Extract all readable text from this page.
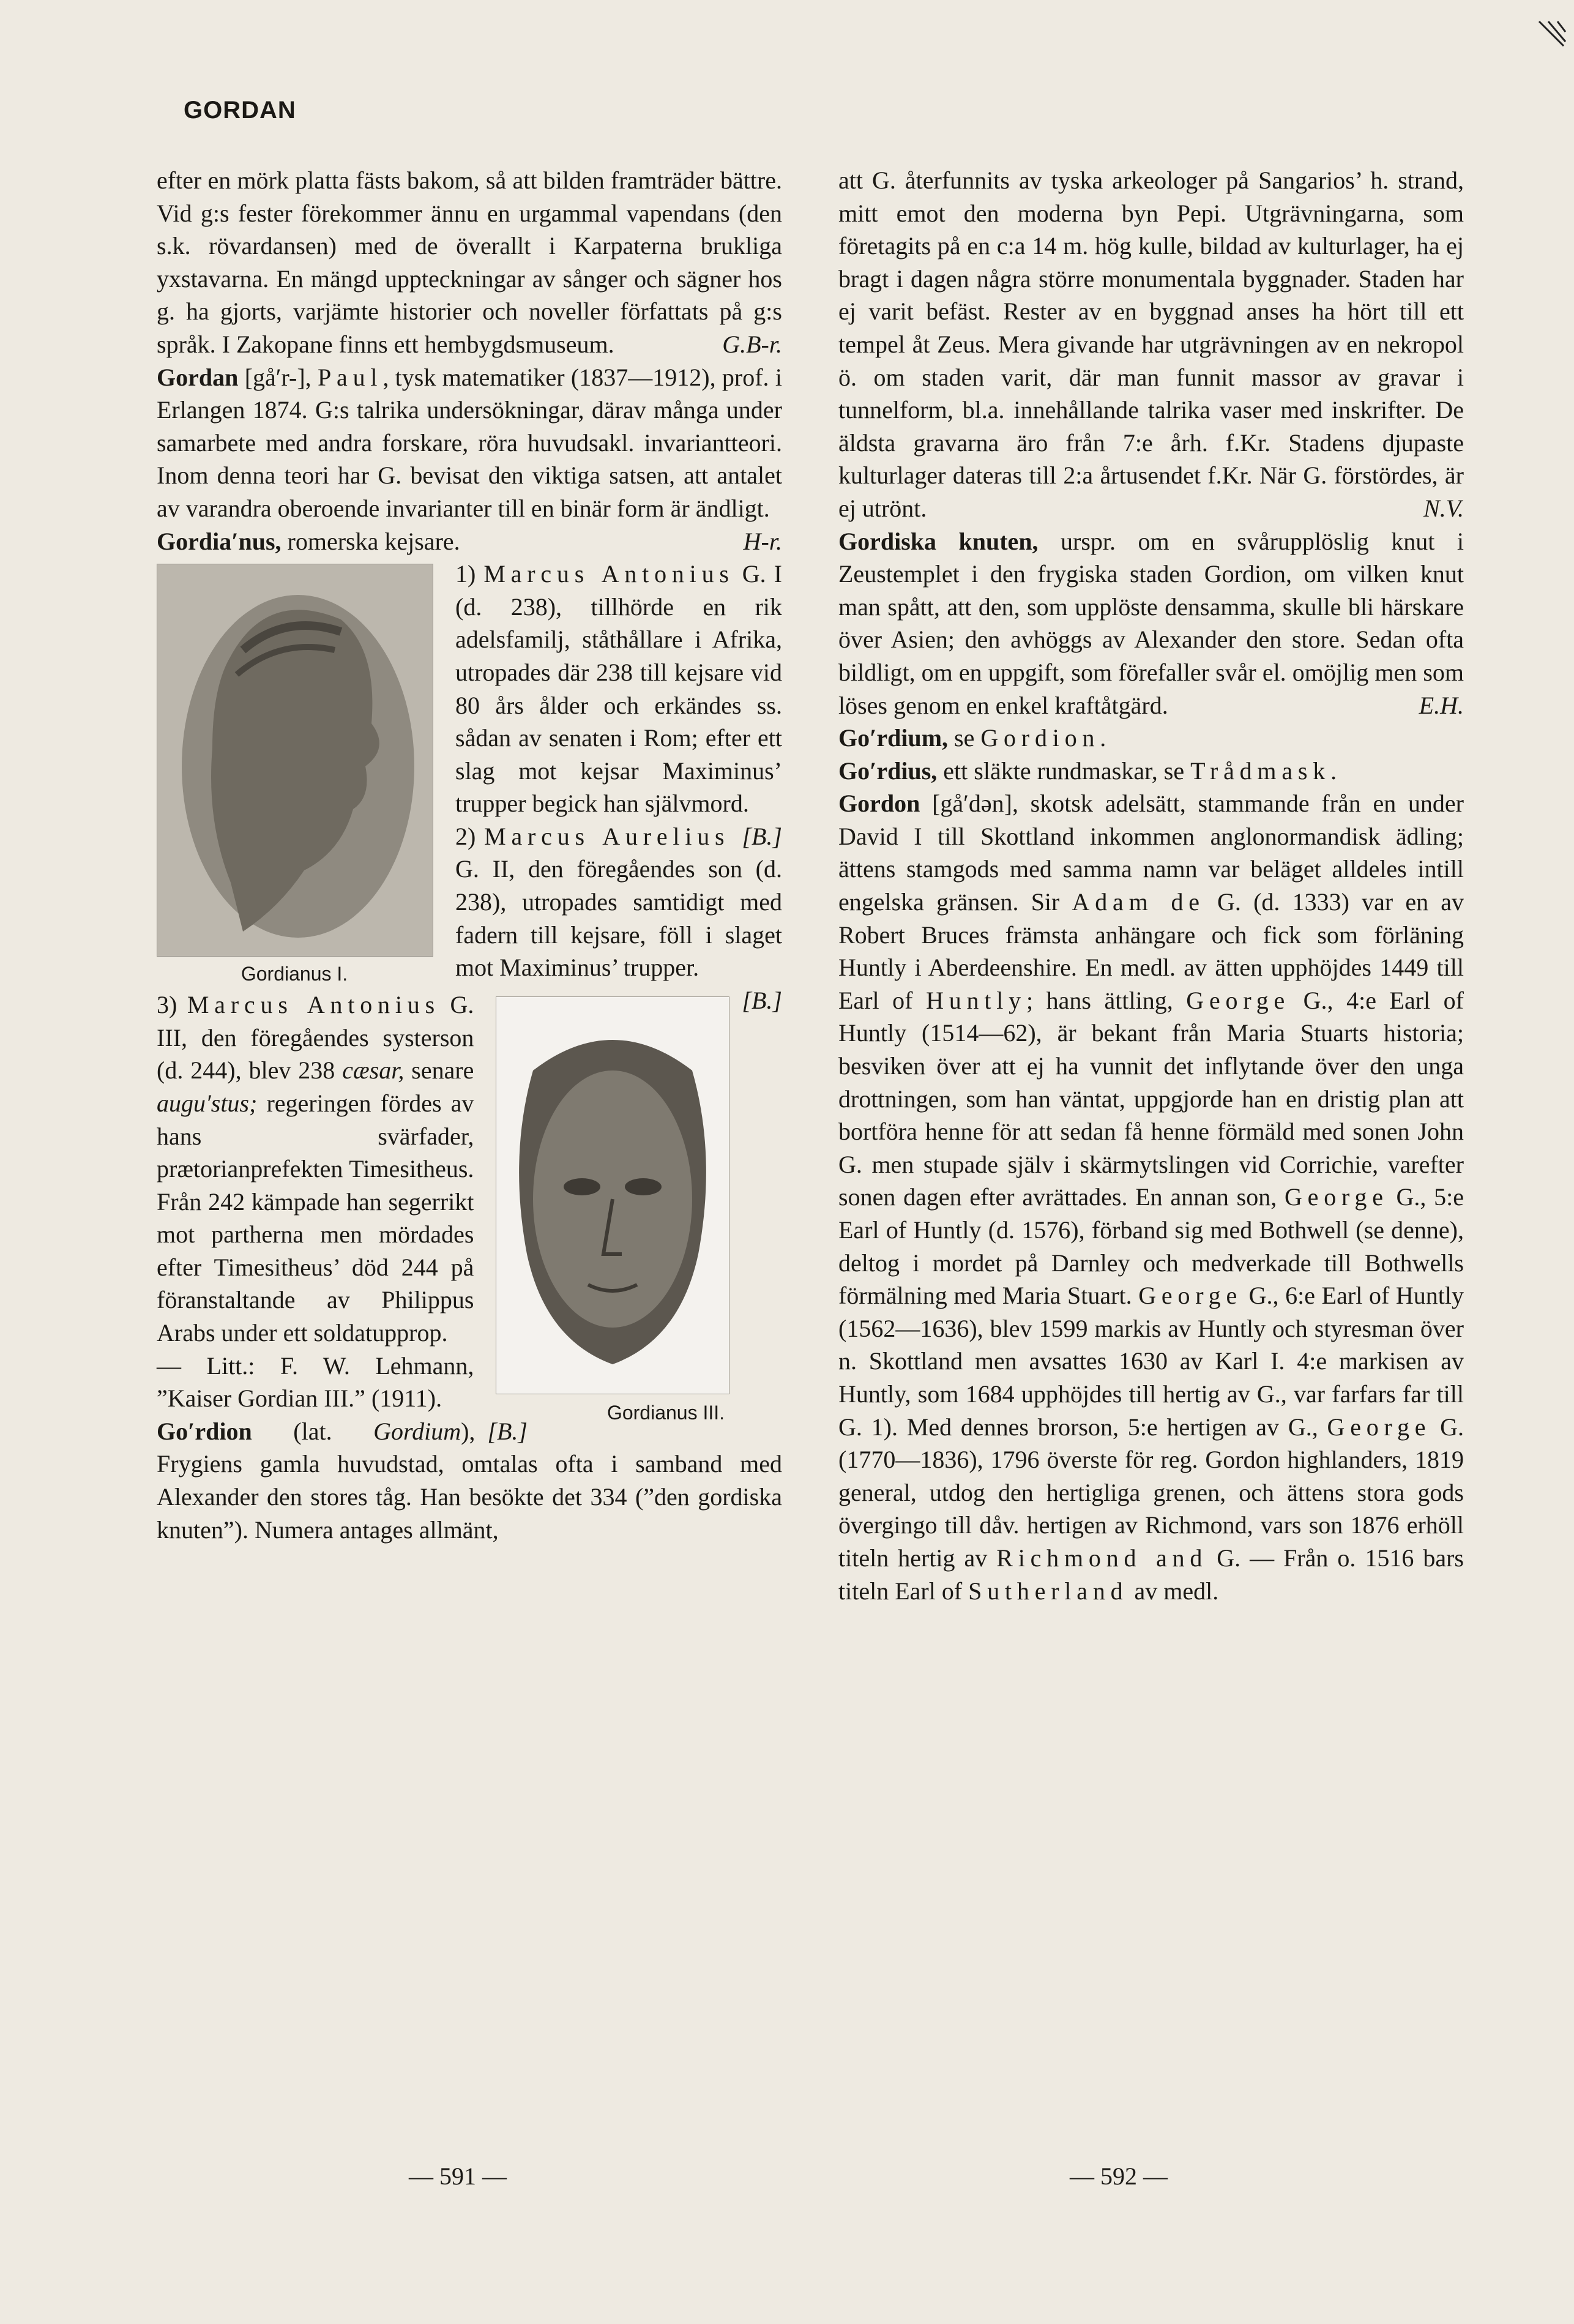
GORDAN

efter en mörk platta fästs bakom, så att bilden framträder bättre. Vid g:s fester förekommer ännu en urgammal vapendans (den s.k. rövardansen) med de överallt i Karpaterna brukliga yxstavarna. En mängd uppteckningar av sånger och sägner hos g. ha gjorts, varjämte historier och noveller författats på g:s språk. I Zakopane finns ett hembygdsmuseum.	G.B-r.

Gordan [gå′r-], Paul, tysk matematiker (1837—1912), prof. i Erlangen 1874. G:s talrika undersökningar, därav många under samarbete med andra forskare, röra huvudsakl. invariantteori. Inom denna teori har G. bevisat den viktiga satsen, att antalet av varandra oberoende invarianter till en binär form är ändligt.
H-r.

Gordia′nus, romerska kejsare.

1) Marcus Antonius G. I (d. 238), tillhörde en rik adelsfamilj, ståthållare i Afrika, utropades där 238 till kejsare vid 80 års ålder och erkändes ss. sådan av senaten i Rom; efter ett slag mot kejsar Maximinus’ trupper begick han självmord.
[B.]

Gordianus I.

2) Marcus Aurelius G. II, den föregåendes son (d. 238), utropades samtidigt med fadern till kejsare, föll i slaget mot Maximinus’ trupper.
[B.]

Gordianus III.

3) Marcus Antonius G. III, den föregåendes systerson (d. 244), blev 238 cæsar, senare augu′stus; regeringen fördes av hans svärfader, prætorianprefekten Timesitheus. Från 242 kämpade han segerrikt mot partherna men mördades efter Timesitheus’ död 244 på föranstaltande av Philippus Arabs under ett soldatupprор.

— Litt.: F. W. Lehmann, ”Kaiser Gordian III.” (1911).
[B.]

Go′rdion (lat. Gordium), Frygiens gamla huvudstad, omtalas ofta i samband med Alexander den stores tåg. Han besökte det 334 (”den gordiska knuten”). Numera antages allmänt,

att G. återfunnits av tyska arkeologer på Sangarios’ h. strand, mitt emot den moderna byn Pepi. Utgrävningarna, som företagits på en c:a 14 m. hög kulle, bildad av kulturlager, ha ej bragt i dagen några större monumentala byggnader. Staden har ej varit befäst. Rester av en byggnad anses ha hört till ett tempel åt Zeus. Mera givande har utgrävningen av en nekropol ö. om staden varit, där man funnit massor av gravar i tunnelform, bl.a. innehållande talrika vaser med inskrifter. De äldsta gravarna äro från 7:e årh. f.Kr. Stadens djupaste kulturlager dateras till 2:a årtusendet f.Kr. När G. förstördes, är ej utrönt.	N.V.

Gordiska knuten, urspr. om en svårupplöslig knut i Zeustemplet i den frygiska staden Gordion, om vilken knut man spått, att den, som upplöste densamma, skulle bli härskare över Asien; den avhöggs av Alexander den store. Sedan ofta bildligt, om en uppgift, som förefaller svår el. omöjlig men som löses genom en enkel kraftåtgärd.	E.H.

Go′rdium, se Gordion.

Go′rdius, ett släkte rundmaskar, se Trådmask.

Gordon [gå′dən], skotsk adelsätt, stammande från en under David I till Skottland inkommen anglonormandisk ädling; ättens stamgods med samma namn var beläget alldeles intill engelska gränsen. Sir Adam de G. (d. 1333) var en av Robert Bruces främsta anhängare och fick som förläning Huntly i Aberdeenshire. En medl. av ätten upphöjdes 1449 till Earl of Huntly; hans ättling, George G., 4:e Earl of Huntly (1514—62), är bekant från Maria Stuarts historia; besviken över att ej ha vunnit det inflytande över den unga drottningen, som han väntat, uppgjorde han en dristig plan att bortföra henne för att sedan få henne förmäld med sonen John G. men stupade själv i skärmytslingen vid Corrichie, varefter sonen dagen efter avrättades. En annan son, George G., 5:e Earl of Huntly (d. 1576), förband sig med Bothwell (se denne), deltog i mordet på Darnley och medverkade till Bothwells förmälning med Maria Stuart. George G., 6:e Earl of Huntly (1562—1636), blev 1599 markis av Huntly och styresman över n. Skottland men avsattes 1630 av Karl I. 4:e markisen av Huntly, som 1684 upphöjdes till hertig av G., var farfars far till G. 1). Med dennes brorson, 5:e hertigen av G., George G. (1770—1836), 1796 överste för reg. Gordon highlanders, 1819 general, utdog den hertigliga grenen, och ättens stora gods övergingo till dåv. hertigen av Richmond, vars son 1876 erhöll titeln hertig av Richmond and G. — Från o. 1516 bars titeln Earl of Sutherland av medl.

— 591 —	— 592 —
